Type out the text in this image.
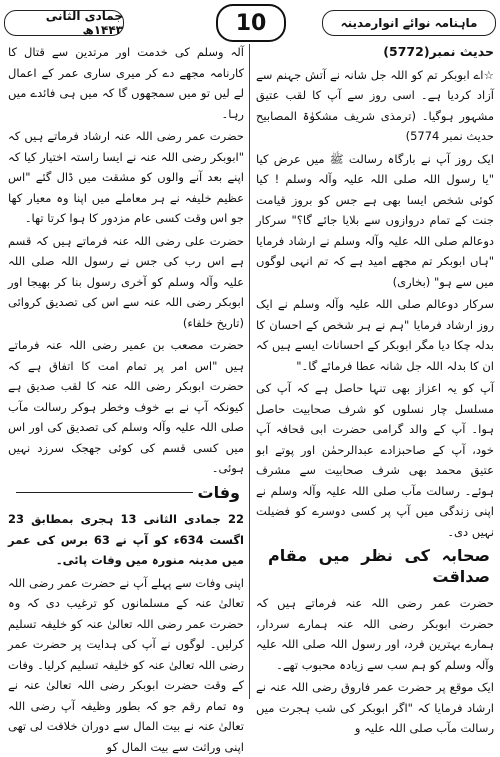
ماہنامہ نوائے انوارمدینہ
10
جمادی الثانی ۱۴۴۳ھ

حدیث نمبر(5772)

☆اے ابوبکر تم کو اللہ جل شانہ نے آتش جہنم سے آزاد کردیا ہے۔ اسی روز سے آپ کا لقب عتیق مشہور ہوگیا۔ (ترمذی شریف مشکوٰۃ المصابیح حدیث نمبر 5774)

ایک روز آپ نے بارگاہ رسالت ﷺ میں عرض کیا "یا رسول اللہ صلی اللہ علیہ وآلہ وسلم ! کیا کوئی شخص ایسا بھی ہے جس کو بروز قیامت جنت کے تمام دروازوں سے بلایا جائے گا؟" سرکار دوعالم صلی اللہ علیہ وآلہ وسلم نے ارشاد فرمایا "ہاں ابوبکر تم مجھے امید ہے کہ تم انہی لوگوں میں سے ہو" (بخاری)

سرکار دوعالم صلی اللہ علیہ وآلہ وسلم نے ایک روز ارشاد فرمایا "ہم نے ہر شخص کے احسان کا بدلہ چکا دیا مگر ابوبکر کے احسانات ایسے ہیں کہ ان کا بدلہ اللہ جل شانہ عطا فرمائے گا۔"

آپ کو یہ اعزاز بھی تنہا حاصل ہے کہ آپ کی مسلسل چار نسلوں کو شرف صحابیت حاصل ہوا۔ آپ کے والد گرامی حضرت ابی قحافہ آپ خود، آپ کے صاحبزادے عبدالرحمٰن اور پوتے ابو عتیق محمد بھی شرف صحابیت سے مشرف ہوئے۔ رسالت مآب صلی اللہ علیہ وآلہ وسلم نے اپنی زندگی میں آپ پر کسی دوسرے کو فضیلت نہیں دی۔

صحابہ کی نظر میں مقام صداقت

حضرت عمر رضی اللہ عنہ فرماتے ہیں کہ حضرت ابوبکر رضی اللہ عنہ ہمارے سردار، ہمارے بہترین فرد، اور رسول اللہ صلی اللہ علیہ وآلہ وسلم کو ہم سب سے زیادہ محبوب تھے۔

ایک موقع پر حضرت عمر فاروق رضی اللہ عنہ نے ارشاد فرمایا کہ "اگر ابوبکر کی شب ہجرت میں رسالت مآب صلی اللہ علیہ و

آلہ وسلم کی خدمت اور مرتدین سے قتال کا کارنامہ مجھے دے کر میری ساری عمر کے اعمال لے لیں تو میں سمجھوں گا کہ میں ہی فائدے میں رہا۔

حضرت عمر رضی اللہ عنہ ارشاد فرماتے ہیں کہ "ابوبکر رضی اللہ عنہ نے ایسا راستہ اختیار کیا کہ اپنے بعد آنے والوں کو مشقت میں ڈال گئے "اس عظیم خلیفہ نے ہر معاملے میں اپنا وہ معیار کھا جو اس وقت کسی عام مزدور کا ہوا کرتا تھا۔

حضرت علی رضی اللہ عنہ فرماتے ہیں کہ قسم ہے اس رب کی جس نے رسول اللہ صلی اللہ علیہ وآلہ وسلم کو آخری رسول بنا کر بھیجا اور ابوبکر رضی اللہ عنہ سے اس کی تصدیق کروائی (تاریخ خلفاء)

حضرت مصعب بن عمیر رضی اللہ عنہ فرماتے ہیں "اس امر پر تمام امت کا اتفاق ہے کہ حضرت ابوبکر رضی اللہ عنہ کا لقب صدیق ہے کیونکہ آپ نے بے خوف وخطر ہوکر رسالت مآب صلی اللہ علیہ وآلہ وسلم کی تصدیق کی اور اس میں کسی قسم کی کوئی جھجک سرزد نہیں ہوئی۔

وفات

22 جمادی الثانی 13 ہجری بمطابق 23 اگست 634ء کو آپ نے 63 برس کی عمر میں مدینہ منورہ میں وفات پائی۔

اپنی وفات سے پہلے آپ نے حضرت عمر رضی اللہ تعالیٰ عنہ کے مسلمانوں کو ترغیب دی کہ وہ حضرت عمر رضی اللہ تعالیٰ عنہ کو خلیفہ تسلیم کرلیں۔ لوگوں نے آپ کی ہدایت پر حضرت عمر رضی اللہ تعالیٰ عنہ کو خلیفہ تسلیم کرلیا۔ وفات کے وقت حضرت ابوبکر رضی اللہ تعالیٰ عنہ نے وہ تمام رقم جو کہ بطور وظیفہ آپ رضی اللہ تعالیٰ عنہ نے بیت المال سے دوران خلافت لی تھی اپنی وراثت سے بیت المال کو
